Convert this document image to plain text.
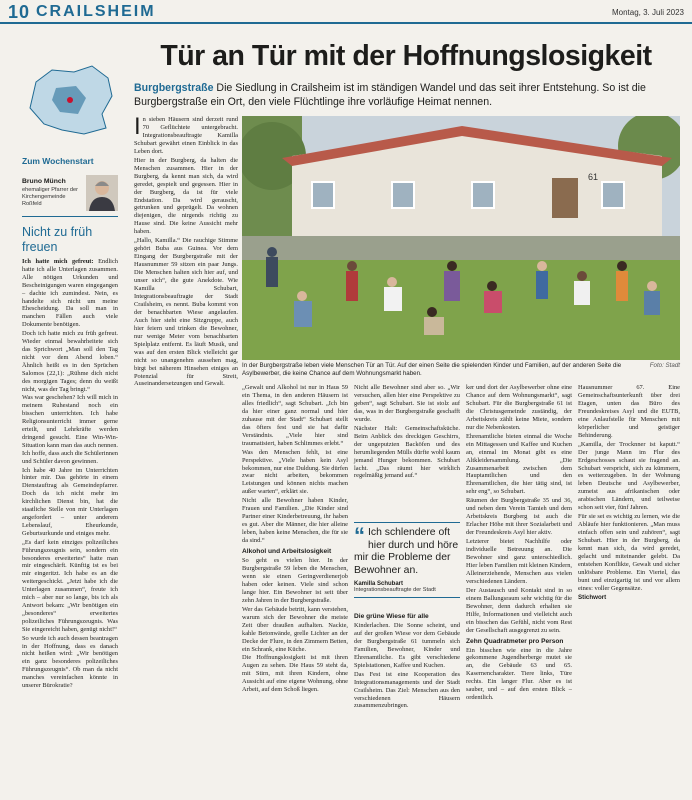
10 CRAILSHEIM	Montag, 3. Juli 2023
Zum Wochenstart
Bruno Münch
ehemaliger Pfarrer der Kirchengemeinde Roßfeld
Nicht zu früh freuen

Ich hatte mich gefreut: Endlich hatte ich alle Unterlagen zusammen. Alle nötigen Urkunden und Bescheinigungen waren eingegangen – dachte ich zumindest. Nein, es handelte sich nicht um meine Ehescheidung. Da soll man in manchen Fällen auch viele Dokumente benötigen.

Doch ich hatte mich zu früh gefreut. Wieder einmal bewahrheitete sich das Sprichwort „Man soll den Tag nicht vor dem Abend loben.“ Ähnlich heißt es in den Sprüchen Salomos (22,1): „Rühme dich nicht des morgigen Tages; denn du weißt nicht, was der Tag bringt.“

Was war geschehen? Ich will mich in meinem Ruhestand noch ein bisschen unterrichten. Ich habe Religionsunterricht immer gerne erteilt, und Lehrkräfte werden dringend gesucht. Eine Win-Win-Situation kann man das auch nennen. Ich hoffe, dass auch die Schülerinnen und Schüler davon gewinnen.

Ich habe 40 Jahre im Unterrichten hinter mir. Das gehörte in einem Dienstauftrag als Gemeindepfarrer. Doch da ich nicht mehr im kirchlichen Dienst bin, hat die staatliche Stelle von mir Unterlagen angefordert – unter anderem Lebenslauf, Eheurkunde, Geburtsurkunde und einiges mehr.

„Es darf kein einziges polizeiliches Führungszeugnis sein, sondern ein besonderes erweitertes“ hatte man mir eingeschärft. Künftig ist es bei mir eingeritzt. Ich habe es an die weitergeschickt. „Jetzt habe ich die Unterlagen zusammen“, freute ich mich – aber nur so lange, bis ich als Antwort bekam: „Wir benötigen ein „besonderes“ erweitertes polizeiliches Führungszeugnis. Was Sie eingereicht haben, genügt nicht!“

So wurde ich auch dessen beantragen in der Hoffnung, dass es danach nicht heißen wird: „Wir benötigen ein ganz besonderes polizeiliches Führungszeugnis“. Ob man da nicht manches vereinfachen könnte in unserer Bürokratie?

Tür an Tür mit der Hoffnungslosigkeit
Burgbergstraße Die Siedlung in Crailsheim ist im ständigen Wandel und das seit ihrer Entstehung. So ist die Burgbergstraße ein Ort, den viele Flüchtlinge ihre vorläufige Heimat nennen.

In sieben Häusern sind derzeit rund 70 Geflüchtete untergebracht. Integrationsbeauftragte Kamilla Schubart gewährt einen Einblick in das Leben dort.

Hier in der Burgberg, da halten die Menschen zusammen. Hier in der Burgberg, da kennt man sich, da wird geredet, gespielt und gegessen. Hier in der Burgberg, da ist für viele Endstation. Da wird gerauscht, getrunken und geprügelt. Da wohnen diejenigen, die nirgends richtig zu Hause sind. Die keine Aussicht mehr haben.

„Hallo, Kamilla.“ Die rauchige Stimme gehört Buba aus Guinea. Vor dem Eingang der Burgbergstraße mit der Hausnummer 59 sitzen ein paar Jungs. Die Menschen halten sich hier auf, und unser sich“, die gute Anekdote. Wie Kamilla Schubart, Integrationsbeauftragte der Stadt Crailsheim, es nennt. Buba kommt von der benachbarten Wiese angelaufen. Auch hier steht eine Sitzgruppe, auch hier feiern und trinken die Bewohner, nur wenige Meter vom benachbarten Spielplatz entfernt. Es läuft Musik, und was auf den ersten Blick vielleicht gar nicht so unangenehm aussehen mag, birgt bei näherem Hinsehen einiges an Potenzial für Streit, Auseinandersetzungen und Gewalt.

61
Foto: Stadt
In der Burgbergstraße leben viele Menschen Tür an Tür. Auf der einen Seite die spielenden Kinder und Familien, auf der anderen Seite die Asylbewerber, die keine Chance auf dem Wohnungsmarkt haben.

„Gewalt und Alkohol ist nur in Haus 59 ein Thema, in den anderen Häusern ist alles friedlich“, sagt Schubart. „Ich bin da hier einer ganz normal und hier zuhause mit der Stadt“ Schubart stellt das öfters fest und sie hat dafür Verständnis. „Viele hier sind traumatisiert, haben Schlimmes erlebt.“

Was den Menschen fehlt, ist eine Perspektive. „Viele haben kein Asyl bekommen, nur eine Duldung. Sie dürfen zwar nicht arbeiten, bekommen Leistungen und können nichts machen außer warten“, erklärt sie.

Nicht alle Bewohner haben Kinder, Frauen und Familien. „Die Kinder sind Partner einer Kinderbetreuung, ihr haben es gut. Aber die Männer, die hier alleine leben, haben keine Menschen, die für sie da sind.“

Alkohol und Arbeitslosigkeit

So geht es vielen hier. In der Burgbergstraße 59 leben die Menschen, wenn sie einen Geringverdienerjob haben oder keinen. Viele sind schon lange hier. Ein Bewohner ist seit über zehn Jahren in der Burgbergstraße.

Wer das Gebäude betritt, kann verstehen, warum sich der Bewohner die meiste Zeit über draußen aufhalten. Nackte, kahle Betonwände, grelle Lichter an der Decke der Flure, in den Zimmern Betten, ein Schrank, eine Küche.

Die Hoffnungslosigkeit ist mit ihren Augen zu sehen. Die Haus 59 steht da, mit Stirn, mit ihren Kindern, ohne Aussicht auf eine eigene Wohnung, ohne Arbeit, auf dem Schoß liegen.

Nicht alle Bewohner sind aber so. „Wir versuchen, allen hier eine Perspektive zu geben“, sagt Schubart. Sie ist stolz auf das, was in der Burgbergstraße geschafft wurde.

Nächster Halt: Gemeinschaftsküche. Beim Anblick des dreckigen Geschirrs, der ungeputzten Backöfen und des herumliegenden Mülls dürfte wohl kaum jemand Hunger bekommen. Schubart lacht. „Das räumt hier wirklich regelmäßig jemand auf.“

“ Ich schlendere oft hier durch und höre mir die Probleme der Bewohner an.
Kamilla Schubart
Integrationsbeauftragte der Stadt
Die grüne Wiese für alle

Kinderlachen. Die Sonne scheint, und auf der großen Wiese vor dem Gebäude der Burgbergstraße 61 tummeln sich Familien, Bewohner, Kinder und Ehrenamtliche. Es gibt verschiedene Spielstationen, Kaffee und Kuchen.

Das Fest ist eine Kooperation des Integrationsmanagements und der Stadt Crailsheim. Das Ziel: Menschen aus den verschiedenen Häusern zusammenzubringen.

ker und dort der Asylbewerber ohne eine Chance auf dem Wohnungsmarkt“, sagt Schubart. Für die Burgbergstraße 61 ist die Christusgemeinde zuständig, der Arbeitskreis zählt keine Miete, sondern nur die Nebenkosten.

Ehrenamtliche bieten einmal die Woche ein Mittagessen und Kaffee und Kuchen an, einmal im Monat gibt es eine Altkleidersammlung. „Die Zusammenarbeit zwischen dem Hauptamtlichen und den Ehrenamtlichen, die hier tätig sind, ist sehr eng“, so Schubart.

Räumen der Burgbergstraße 35 und 36, und neben dem Verein Tamieh und dem Arbeitskreis Burgberg ist auch die Erlacher Höhe mit ihrer Sozialarbeit und der Freundeskreis Asyl hier aktiv.

Letzterer bietet Nachhilfe oder individuelle Betreuung an. Die Bewohner sind ganz unterschiedlich. Hier leben Familien mit kleinen Kindern, Alleinerziehende, Menschen aus vielen verschiedenen Ländern.

Der Austausch und Kontakt sind in so einem Ballungsraum sehr wichtig für die Bewohner, denn dadurch erhalten sie Hilfe, Informationen und vielleicht auch ein bisschen das Gefühl, nicht vom Rest der Gesellschaft ausgegrenzt zu sein.

Zehn Quadratmeter pro Person

Ein bisschen wie eine in die Jahre gekommene Jugendherberge mutet sie an, die Gebäude 63 und 65. Kasernencharakter. Tiere links, Türe rechts. Ein langer Flur. Aber es ist sauber, und – auf den ersten Blick – ordentlich.

Hausnummer 67. Eine Gemeinschaftsunterkunft über drei Etagen, unten das Büro des Freundeskreises Asyl und die EUTB, eine Anlaufstelle für Menschen mit körperlicher und geistiger Behinderung.

„Kamilla, der Trocknner ist kaputt.“ Der junge Mann im Flur des Erdgeschosses schaut sie fragend an. Schubart verspricht, sich zu kümmern, es weiterzugeben. In der Wohnung leben Deutsche und Asylbewerber, zumeist aus afrikanischen oder arabischen Ländern, und teilweise schon seit vier, fünf Jahren.

Für sie sei es wichtig zu lernen, wie die Abläufe hier funktionieren. „Man muss einfach offen sein und zuhören“, sagt Schubart. Hier in der Burgberg, da kennt man sich, da wird geredet, gelacht und miteinander gelebt. Da entstehen Konflikte, Gewalt und sicher unlösbare Probleme. Ein Viertel, das bunt und einzigartig ist und vor allem eines: voller Gegensätze.

Stichwort
